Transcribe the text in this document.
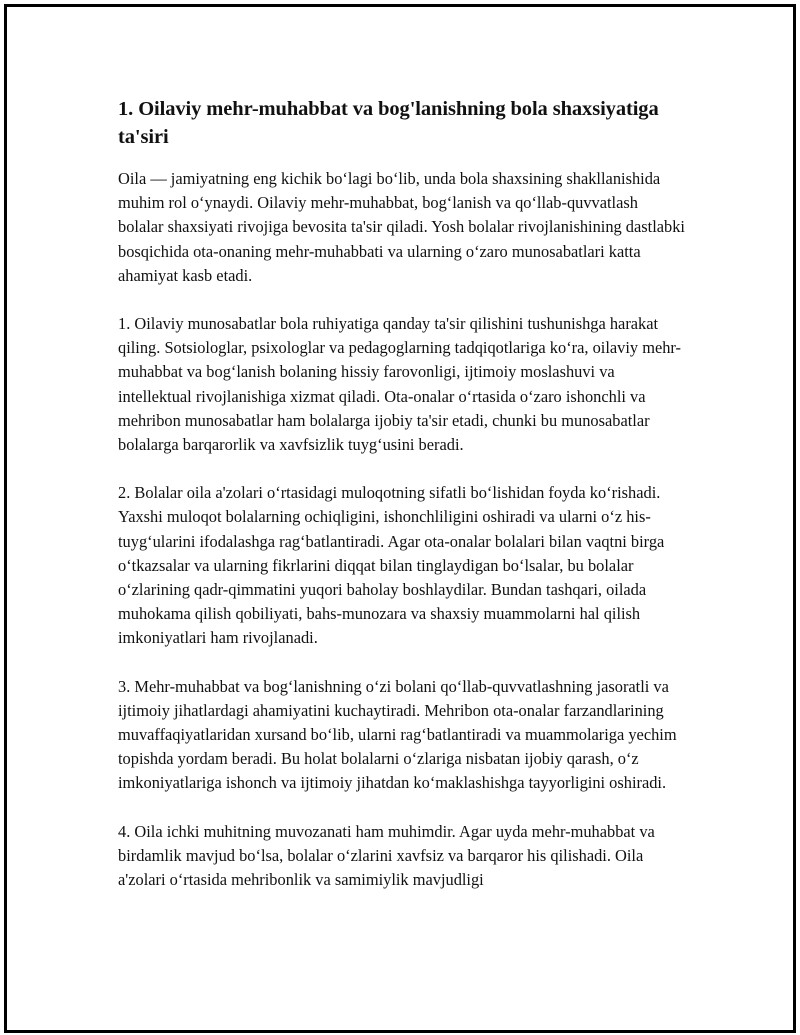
1. Oilaviy mehr-muhabbat va bog'lanishning bola shaxsiyatiga ta'siri

Oila — jamiyatning eng kichik boʻlagi boʻlib, unda bola shaxsining shakllanishida muhim rol oʻynaydi. Oilaviy mehr-muhabbat, bogʻlanish va qoʻllab-quvvatlash bolalar shaxsiyati rivojiga bevosita ta'sir qiladi. Yosh bolalar rivojlanishining dastlabki bosqichida ota-onaning mehr-muhabbati va ularning oʻzaro munosabatlari katta ahamiyat kasb etadi.

1. Oilaviy munosabatlar bola ruhiyatiga qanday ta'sir qilishini tushunishga harakat qiling. Sotsiologlar, psixologlar va pedagoglarning tadqiqotlariga koʻra, oilaviy mehr-muhabbat va bogʻlanish bolaning hissiy farovonligi, ijtimoiy moslashuvi va intellektual rivojlanishiga xizmat qiladi. Ota-onalar oʻrtasida oʻzaro ishonchli va mehribon munosabatlar ham bolalarga ijobiy ta'sir etadi, chunki bu munosabatlar bolalarga barqarorlik va xavfsizlik tuygʻusini beradi.

2. Bolalar oila a'zolari oʻrtasidagi muloqotning sifatli boʻlishidan foyda koʻrishadi. Yaxshi muloqot bolalarning ochiqligini, ishonchliligini oshiradi va ularni oʻz his-tuygʻularini ifodalashga ragʻbatlantiradi. Agar ota-onalar bolalari bilan vaqtni birga oʻtkazsalar va ularning fikrlarini diqqat bilan tinglaydigan boʻlsalar, bu bolalar oʻzlarining qadr-qimmatini yuqori baholay boshlaydilar. Bundan tashqari, oilada muhokama qilish qobiliyati, bahs-munozara va shaxsiy muammolarni hal qilish imkoniyatlari ham rivojlanadi.

3. Mehr-muhabbat va bogʻlanishning oʻzi bolani qoʻllab-quvvatlashning jasoratli va ijtimoiy jihatlardagi ahamiyatini kuchaytiradi. Mehribon ota-onalar farzandlarining muvaffaqiyatlaridan xursand boʻlib, ularni ragʻbatlantiradi va muammolariga yechim topishda yordam beradi. Bu holat bolalarni oʻzlariga nisbatan ijobiy qarash, oʻz imkoniyatlariga ishonch va ijtimoiy jihatdan koʻmaklashishga tayyorligini oshiradi.

4. Oila ichki muhitning muvozanati ham muhimdir. Agar uyda mehr-muhabbat va birdamlik mavjud boʻlsa, bolalar oʻzlarini xavfsiz va barqaror his qilishadi. Oila a'zolari oʻrtasida mehribonlik va samimiylik mavjudligi
